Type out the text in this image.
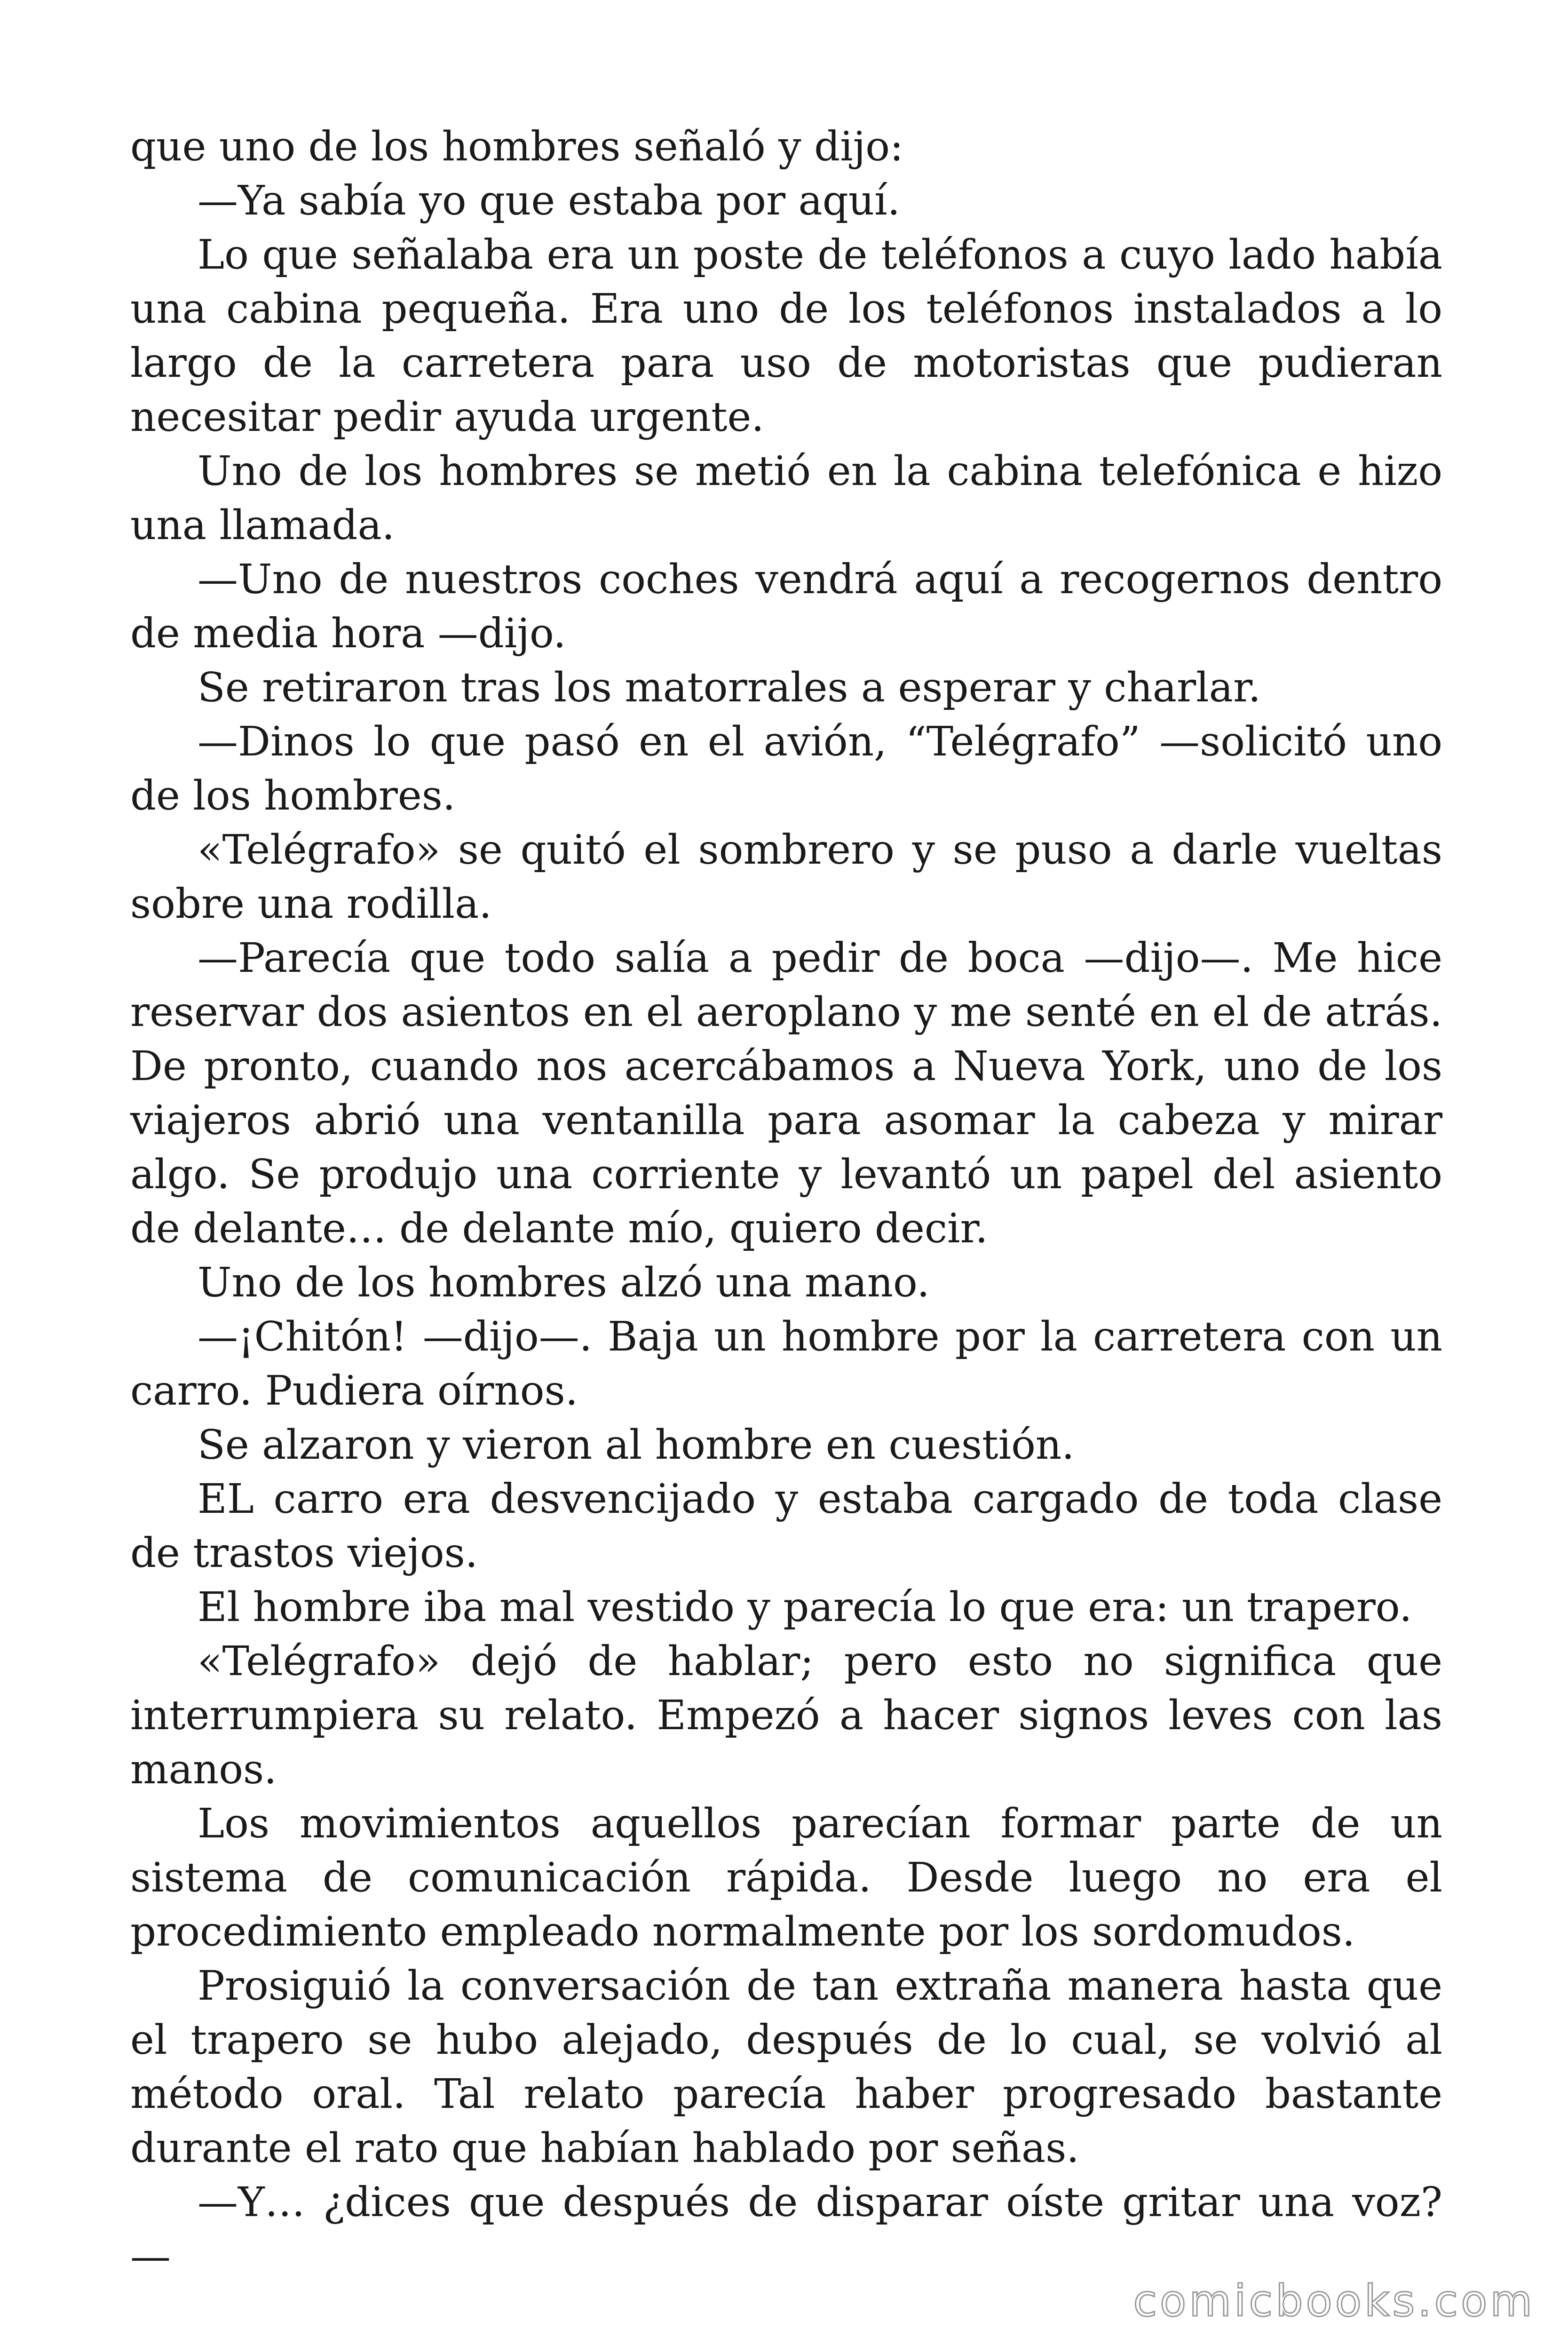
que uno de los hombres señaló y dijo:

—Ya sabía yo que estaba por aquí.

Lo que señalaba era un poste de teléfonos a cuyo lado había una cabina pequeña. Era uno de los teléfonos instalados a lo largo de la carretera para uso de motoristas que pudieran necesitar pedir ayuda urgente.

Uno de los hombres se metió en la cabina telefónica e hizo una llamada.

—Uno de nuestros coches vendrá aquí a recogernos dentro de media hora —dijo.

Se retiraron tras los matorrales a esperar y charlar.

—Dinos lo que pasó en el avión, “Telégrafo” —solicitó uno de los hombres.

«Telégrafo» se quitó el sombrero y se puso a darle vueltas sobre una rodilla.

—Parecía que todo salía a pedir de boca —dijo—. Me hice reservar dos asientos en el aeroplano y me senté en el de atrás. De pronto, cuando nos acercábamos a Nueva York, uno de los viajeros abrió una ventanilla para asomar la cabeza y mirar algo. Se produjo una corriente y levantó un papel del asiento de delante… de delante mío, quiero decir.

Uno de los hombres alzó una mano.

—¡Chitón! —dijo—. Baja un hombre por la carretera con un carro. Pudiera oírnos.

Se alzaron y vieron al hombre en cuestión.

EL carro era desvencijado y estaba cargado de toda clase de trastos viejos.

El hombre iba mal vestido y parecía lo que era: un trapero.

«Telégrafo» dejó de hablar; pero esto no significa que interrumpiera su relato. Empezó a hacer signos leves con las manos.

Los movimientos aquellos parecían formar parte de un sistema de comunicación rápida. Desde luego no era el procedimiento empleado normalmente por los sordomudos.

Prosiguió la conversación de tan extraña manera hasta que el trapero se hubo alejado, después de lo cual, se volvió al método oral. Tal relato parecía haber progresado bastante durante el rato que habían hablado por señas.

—Y… ¿dices que después de disparar oíste gritar una voz? —

comicbooks.com
